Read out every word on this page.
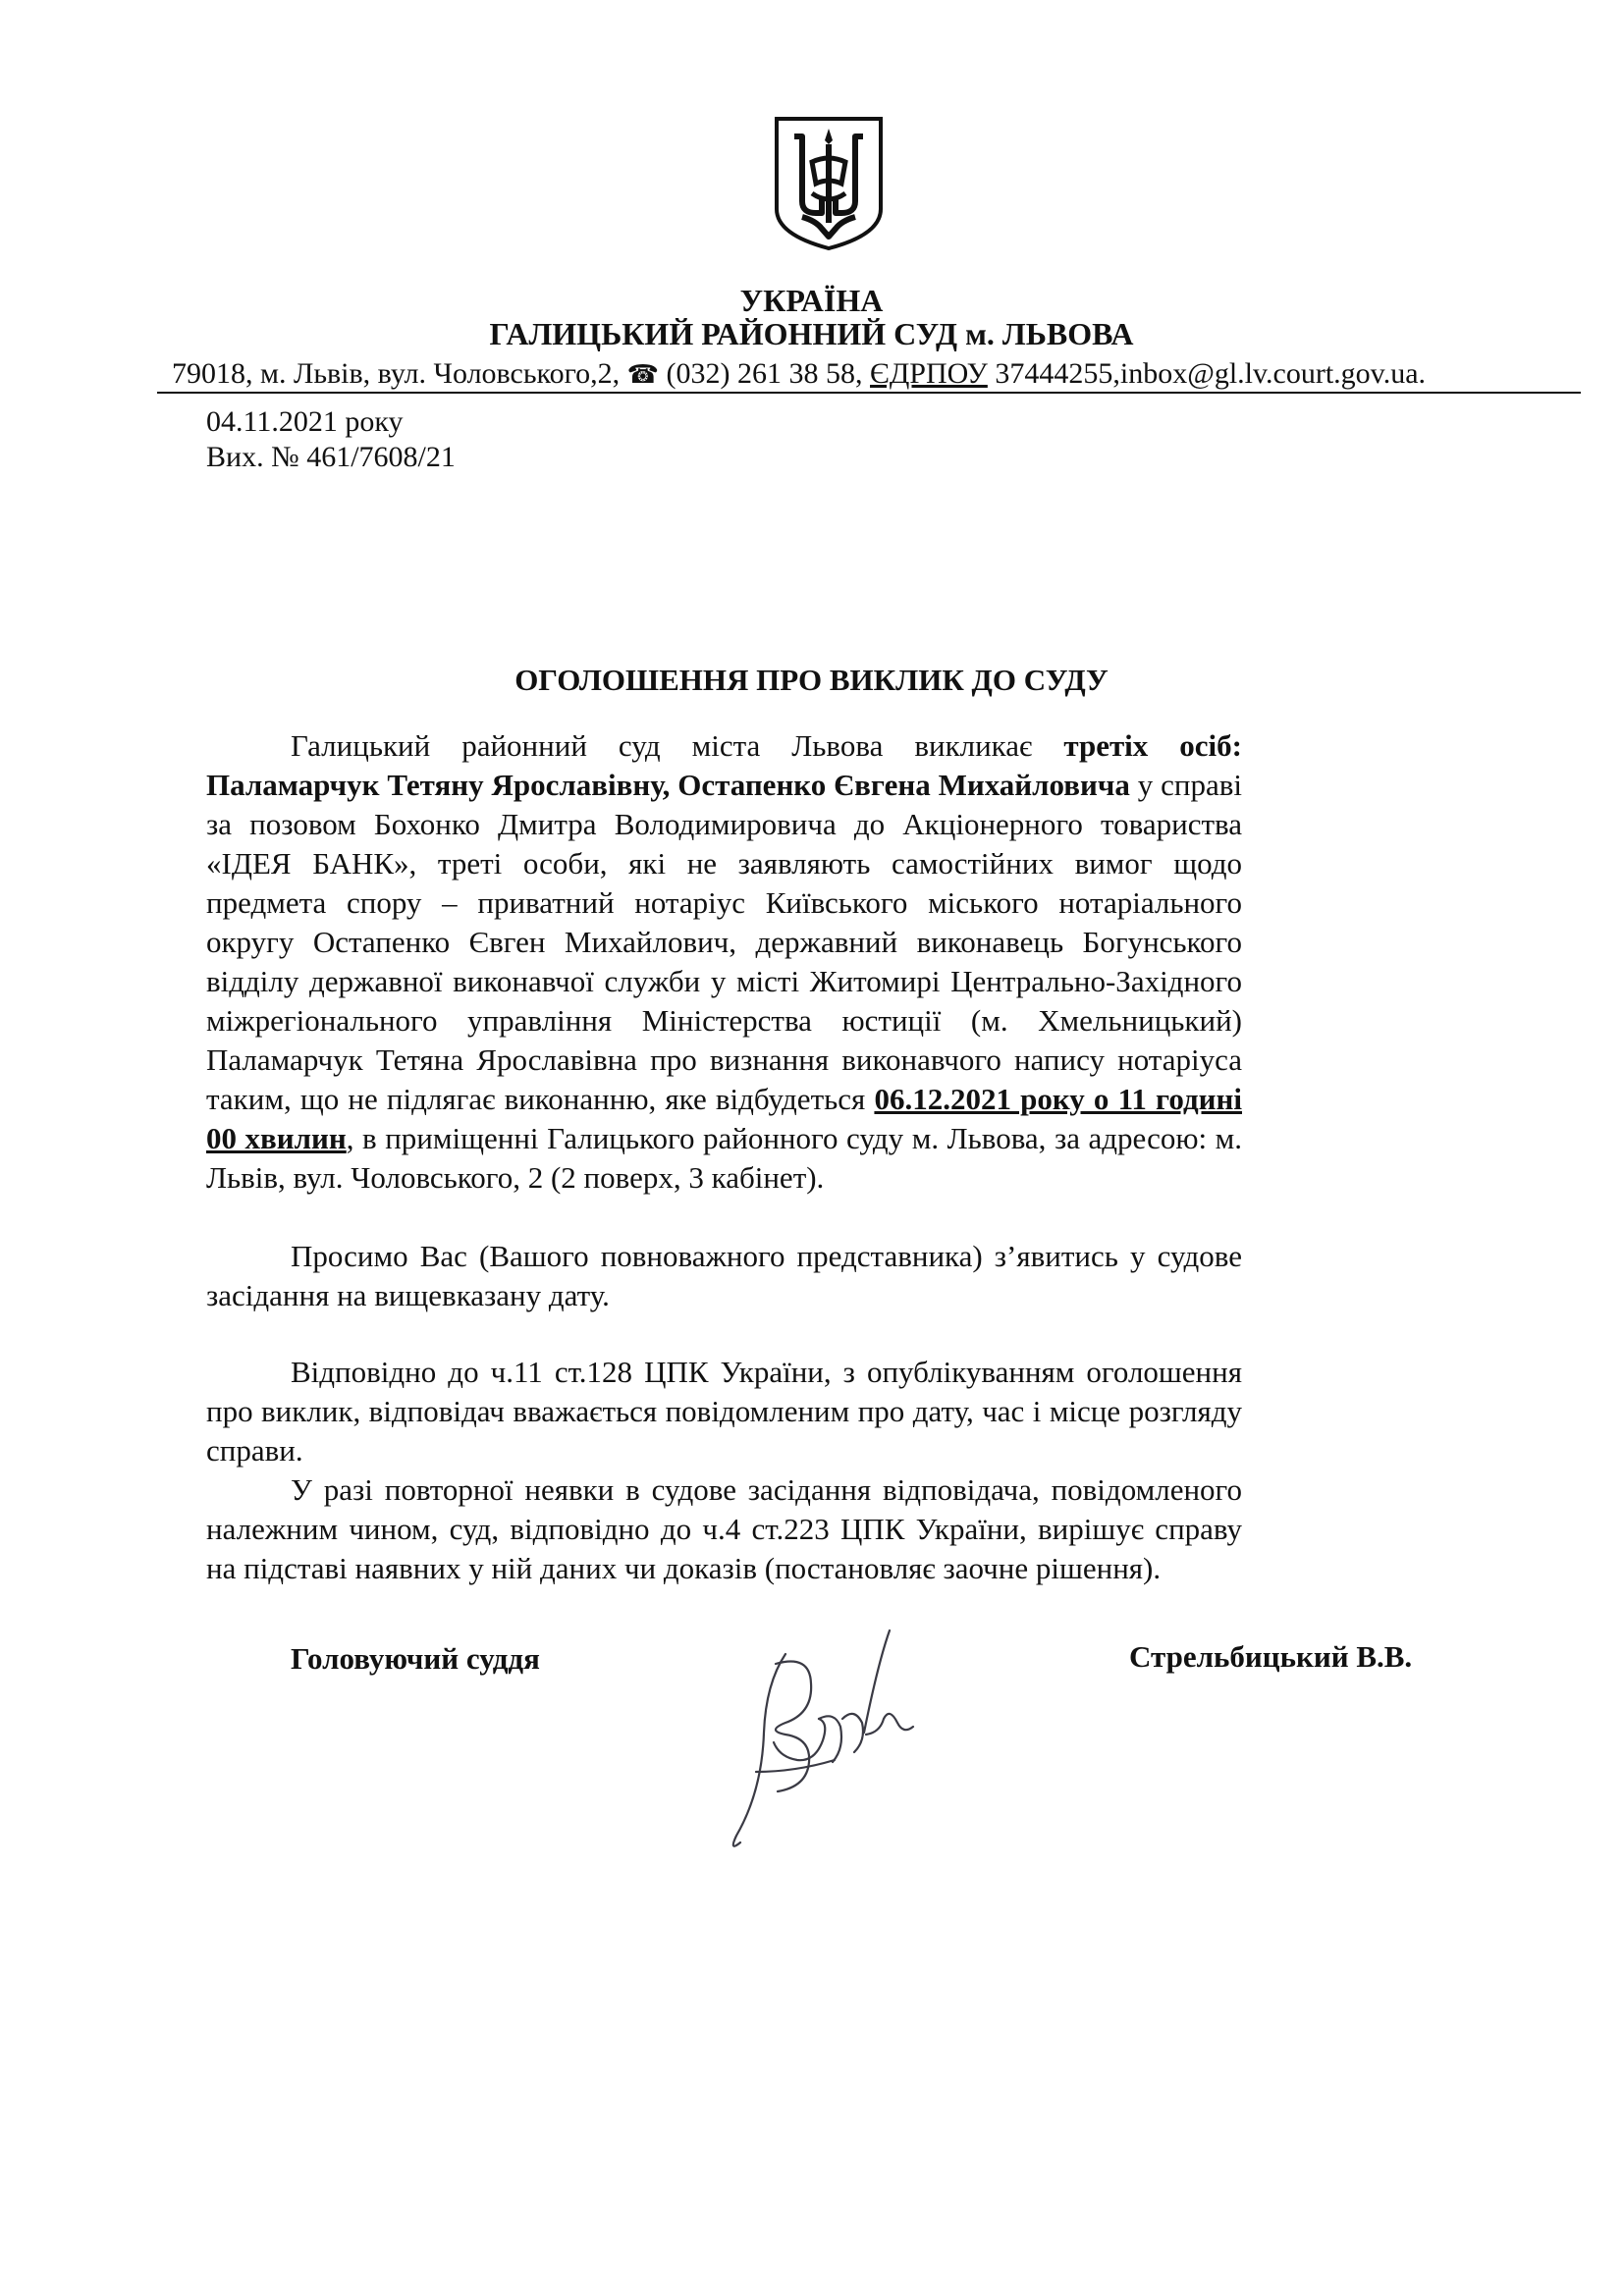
УКРАЇНА
ГАЛИЦЬКИЙ РАЙОННИЙ СУД м. ЛЬВОВА
79018, м. Львів, вул. Чоловського,2, ☎ (032) 261 38 58, ЄДРПОУ 37444255,inbox@gl.lv.court.gov.ua.
04.11.2021 року
Вих. № 461/7608/21
ОГОЛОШЕННЯ ПРО ВИКЛИК ДО СУДУ

Галицький районний суд міста Львова викликає третіх осіб: Паламарчук Тетяну Ярославівну, Остапенко Євгена Михайловича у справі за позовом Бохонко Дмитра Володимировича до Акціонерного товариства «ІДЕЯ БАНК», треті особи, які не заявляють самостійних вимог щодо предмета спору – приватний нотаріус Київського міського нотаріального округу Остапенко Євген Михайлович, державний виконавець Богунського відділу державної виконавчої служби у місті Житомирі Центрально-Західного міжрегіонального управління Міністерства юстиції (м. Хмельницький) Паламарчук Тетяна Ярославівна про визнання виконавчого напису нотаріуса таким, що не підлягає виконанню, яке відбудеться 06.12.2021 року о 11 годині 00 хвилин, в приміщенні Галицького районного суду м. Львова, за адресою: м. Львів, вул. Чоловського, 2 (2 поверх, 3 кабінет).

Просимо Вас (Вашого повноважного представника) з’явитись у судове засідання на вищевказану дату.

Відповідно до ч.11 ст.128 ЦПК України, з опублікуванням оголошення про виклик, відповідач вважається повідомленим про дату, час і місце розгляду справи.

У разі повторної неявки в судове засідання відповідача, повідомленого належним чином, суд, відповідно до ч.4 ст.223 ЦПК України, вирішує справу на підставі наявних у ній даних чи доказів (постановляє заочне рішення).

Головуючий суддя	Стрельбицький В.В.
